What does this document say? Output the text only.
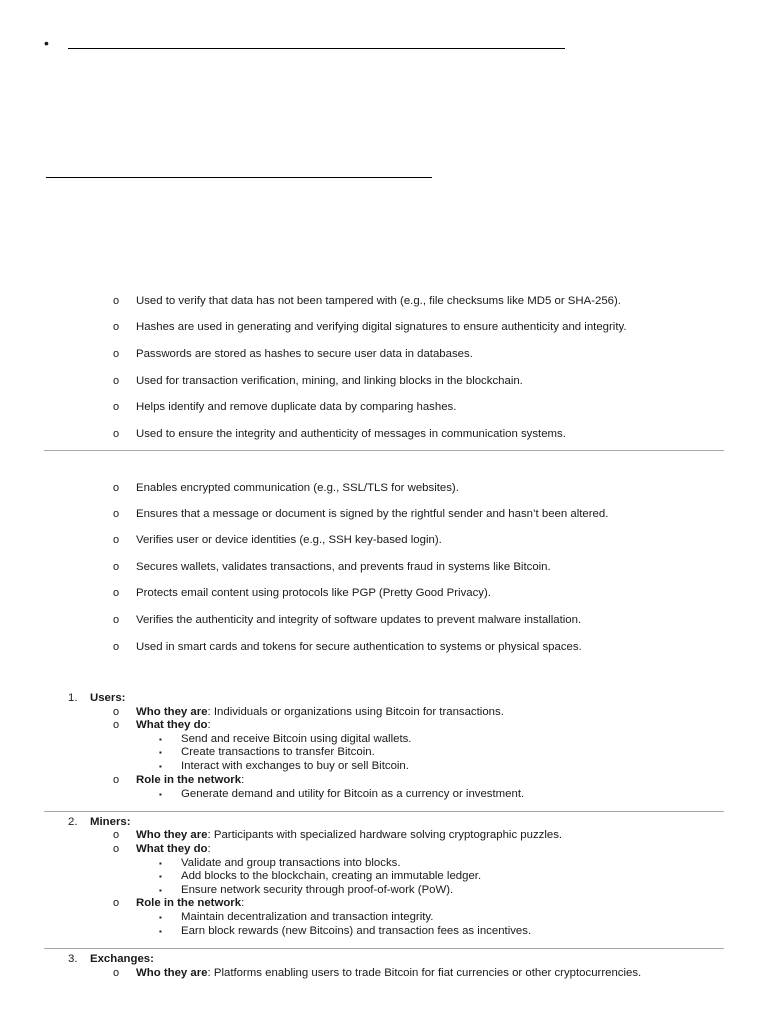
•
o Used to verify that data has not been tampered with (e.g., file checksums like MD5 or SHA-256).
o Hashes are used in generating and verifying digital signatures to ensure authenticity and integrity.
o Passwords are stored as hashes to secure user data in databases.
o Used for transaction verification, mining, and linking blocks in the blockchain.
o Helps identify and remove duplicate data by comparing hashes.
o Used to ensure the integrity and authenticity of messages in communication systems.
o Enables encrypted communication (e.g., SSL/TLS for websites).
o Ensures that a message or document is signed by the rightful sender and hasn’t been altered.
o Verifies user or device identities (e.g., SSH key-based login).
o Secures wallets, validates transactions, and prevents fraud in systems like Bitcoin.
o Protects email content using protocols like PGP (Pretty Good Privacy).
o Verifies the authenticity and integrity of software updates to prevent malware installation.
o Used in smart cards and tokens for secure authentication to systems or physical spaces.
1. Users:
o Who they are: Individuals or organizations using Bitcoin for transactions.
o What they do:
▪ Send and receive Bitcoin using digital wallets.
▪ Create transactions to transfer Bitcoin.
▪ Interact with exchanges to buy or sell Bitcoin.
o Role in the network:
▪ Generate demand and utility for Bitcoin as a currency or investment.
2. Miners:
o Who they are: Participants with specialized hardware solving cryptographic puzzles.
o What they do:
▪ Validate and group transactions into blocks.
▪ Add blocks to the blockchain, creating an immutable ledger.
▪ Ensure network security through proof-of-work (PoW).
o Role in the network:
▪ Maintain decentralization and transaction integrity.
▪ Earn block rewards (new Bitcoins) and transaction fees as incentives.
3. Exchanges:
o Who they are: Platforms enabling users to trade Bitcoin for fiat currencies or other cryptocurrencies.
